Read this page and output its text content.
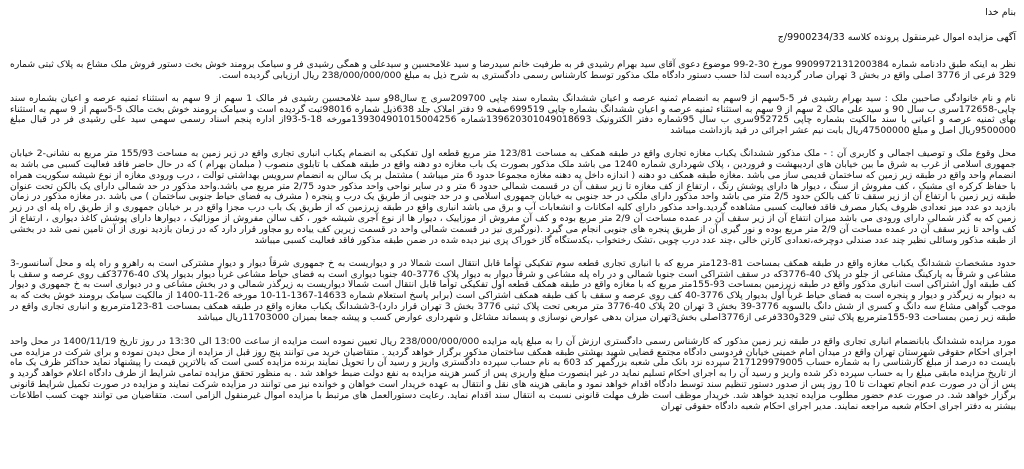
بنام خدا

آگهی مزایده اموال غیرمنقول پرونده کلاسه 9900234/33/ج

نظر به اینکه طبق دادنامه شماره 9909972131200384 مورخ 30-2-99 موضوع دعوی آقای سید بهرام رشیدی فر به طرفیت خانم سیدرضا و سید غلامحسین و سیدعلی و همگی رشیدی فر و سیامک برومند خوش بخت دستور فروش ملک مشاع به پلاک ثبتی شماره 329 فرعی از 3776 اصلی واقع در بخش 3 تهران صادر گردیده است لذا حسب دستور دادگاه ملک مذکور توسط کارشناس رسمی دادگستری به شرح ذیل به مبلغ 238/000/000/000 ریال ارزیابی گردیده است.

نام و نام خانوادگی صاحبین ملک : سید بهرام رشیدی فر 5-5سهم از 9سهم به انضمام ثمنیه عرصه و اعیان ششدانگ بشماره سند چاپی 209700سری ج سال98و سید غلامحسین رشیدی فر مالک 1 سهم از 9 سهم به استثناء ثمنیه عرصه و اعیان بشماره سند چاپی-172658سری ب سال 90 و سید علی مالک 2 سهم از 9 سهم به استثناء ثمنیه عرصه و اعیان ششدانگ بشماره چاپی 699519صفحه 9 دفتر املاک جلد 638ذیل شماره 98016ثبت گردیده است و سیامک برومند خوش بخت مالک 5-5سهم از 9 سهم به استثناء بهای ثمنیه عرصه و اعیانی با سند مالکیت بشماره چاپی 952725سری ب سال 95شماره دفتر الکترونیک 139620301049018693شماره 139304901015004256مورخه 18-5-93از اداره پنجم اسناد رسمی سهمی سید علی رشیدی فر در قبال مبلغ 9500000ریال اصل و مبلغ 47500000ریال بابت نیم عشر اجرائی در قید بازداشت میباشد

محل وقوع ملک و توصیف اجمالی و کاربری آن : - ملک مذکور ششدانگ یکباب مغازه تجاری واقع در طبقه همکف به مساحت 123/81 متر مربع قطعه اول تفکیکی به انضمام یکباب انباری تجاری واقع در زیر زمین به مساحت 155/93 متر مربع به نشانی-2 خیابان جمهوری اسلامی از غرب به شرق ما بین خیابان های اردیبهشت و فروردین ، پلاک شهرداری شماره 1240 می باشد ملک مذکور بصورت یک باب مغازه دو دهنه واقع در طبقه همکف با تابلوی منصوب ( مبلمان بهرام ) که در حال حاضر فاقد فعالیت کسبی می باشد به انضمام واحد واقع در طبقه زیر زمین که ساختمان قدیمی ساز می باشد .مغازه طبقه همکف دو دهنه ( اندازه داخل یه دهنه مغازه مجموعا حدود 6 متر میباشد ) مشتمل بر یک سالن به انضمام سرویس بهداشتی توالت ، درب ورودی مغازه از نوع شیشه سکوریت همراه با حفاظ کرکره ای مشبک ، کف مفروش از سنگ ، دیوار ها دارای پوشش رنگ ، ارتفاع از کف مغازه تا زیر سقف آن در قسمت شمالی حدود 6 متر و در سایر نواحی واحد مذکور حدود 2/75 متر مربع می باشد.واحد مذکور در حد شمالی دارای یک بالکن تحت عنوان طبقه زیر زمین با ارتفاع آن از زیر سقف تا کف بالکن حدود 2/5 متر می باشد واحد مذکور دارای ملکی در حد جنوبی به خیابان جمهوری اسلامی و در حد جنوبی از طریق یک درب و پنجره ( مشرف به فضای حیاط جنوبی ساختمان ) می باشد .در مغازه مذکور در زمان بازدید دو عدد میز تعدادی ظروف یکبار مصرف فاقد فعالیت کسبی مشاهده گردید.واحد مذکور دارای کلیه امکانات و انشعابات آب و برق می باشد انباری واقع در طبقه زیرزمین که از طریق یک باب درب مجزا واقع در بر خیابان جمهوری و از طریق راه پله ای در زیر زمین که به گذر شمالی دارای ورودی می باشد میزان انتفاع آن از زیر سقف آن در عمده مساحت آن 2/9 متر مربع بوده و کف آن مفروش از موزاییک ، دیوار ها از نوع آجری شیشه خور ، کف سالن مفروش از موزائیک ، دیوارها دارای پوشش کاغذ دیواری ، ارتفاع از کف واحد تا زیر سقف آن در عمده مساحت آن 2/9 متر مربع بوده و نور گیری آن از طریق پنجره های جنوبی انجام می گیرد .(نورگیری نیز در قسمت شمالی واحد در قسمت زیرین کف ییاده رو مجاور قرار دارد که در زمان بازدید نوری از آن تامین نمی شد در بخشی از طبقه مذکور وسائلی نظیر چند عدد صندلی دوچرخه،تعدادی کارتن خالی ،چند عدد درب چوبی ،تشک رختخواب ،یکدستگاه گاز خوراک پزی نیز دیده شده در ضمن طبقه مذکور فاقد فعالیت کسبی میباشد

حدود مشخصات ششدانگ یکباب مغازه واقع در طبقه همکف بمساحت 81-123متر مربع که با انباری تجاری قطعه سوم تفکیکی توأما قابل انتقال است شمالا در و دیواریست به خ جمهوری شرقاً دیوار و دیوار مشترکی است به راهرو و راه پله و محل آسانسور-3 مشاعی و شرقاً به پارکینگ مشاعی از جلو در پلاک 40-3776که در سقف اشتراکی است جنوبا شمالی و در راه پله مشاعی و شرقاً دیوار به دیوار پلاک 3776-40 جنوبا دیواری است به فضای حیاط مشاعی غرباً دیوار بدیوار پلاک 40-3776کف روی عرصه و سقف با کف طبقه اول اشتراکی است انباری مذکور واقع در طبقه زیرزمین بمساحت 93-155متر مربع که با مغازه واقع در طبقه همکف قطعه اول تفکیکی توأما قابل انتقال است شمالا دیواریست به زیرگذر شمالی و در بخش مشاعی و در دیواری است به خ جمهوری و دیوار به دیوار به زیرگذر و دیوار و پنجره است به فضای حیاط غرباً اول بدیوار پلاک 3776-40 کف روی عرصه و سقف با کف طبقه همکف اشتراکی است (برابر پاسخ استعلام شماره 14633-1367-11-10 مورخه 26-11-1400 از مالکیت سیامک برومند خوش بخت که به موجب گواهی مشاع سه دانگ و کسری از شش دانگ بالسویه 3776-39 بخش 3 تهران 20 پلاک 40-3776 متر مربعی تحت پلاک ثبتی 3776 بخش 3 تهران قرار دارد)-3ششدانگ یکباب مغازه واقع در طبقه همکف بمساحت 81-123مترمربع و انباری تجاری واقع در طبقه زیر زمین بمساحت 93-155مترمربع پلاک ثبتی 329و330فرعی از3776اصلی بخش3تهران میزان بدهی عوارض نوسازی و پسماند مشاغل و شهرداری عوارض کسب و پیشه جمعا بمیزان 11703000ریال میباشد

مورد مزایده ششدانگ بابانضمام انباری تجاری واقع در طبقه زیر زمین مذکور که کارشناس رسمی دادگستری ارزش آن را به مبلغ پایه مزایده 238/000/000/000 ریال تعیین نموده است مزایده از ساعت 13:00 الی 13:30 در روز تاریخ 1400/11/19 در محل واحد اجرای احکام حقوقی شهرستان تهران واقع در میدان امام خمینی خیابان فردوسی دادگاه مجتمع قضایی شهید بهشتی طبقه همکف ساختمان مذکور برگزار خواهد گردید . متقاضیان خرید می توانند پنج روز قبل از مزایده از محل دیدن نموده و برای شرکت در مزایده می بایست ده درصد از مبلغ کارشناسی را به شماره حساب 217129979005 سپرده نزد بانک ملی شعبه بزرگمهر کد 603 به نام حساب سپرده دادگستری واریز و رسید آن را تحویل نمایند برنده مزایده کسی است که بالاترین قیمت را پیشنهاد نماید حداکثر ظرف یک ماه از تاریخ مزایده مابقی مبلغ را به حساب سپرده ذکر شده واریز و رسید آن را به اجرای احکام تسلیم نماید در غیر اینصورت مبلغ واریزی پس از کسر هزینه مزایده به نفع دولت ضبط خواهد شد . به منظور تحقق مزایده تمامی شرایط از طرف دادگاه اعلام خواهد گردید و پس از آن در صورت عدم انجام تعهدات تا 10 روز پس از صدور دستور تنظیم سند توسط دادگاه اقدام خواهد نمود و مابقی هزینه های نقل و انتقال به عهده خریدار است خواهان و خوانده نیز می توانند در مزایده شرکت نمایند و مزایده در صورت تکمیل شرایط قانونی برگزار خواهد شد. در صورت عدم حضور مطلوب مزایده تجدید خواهد شد. خریدار موظف است ظرف مهلت قانونی نسبت به انتقال سند اقدام نماید. رعایت دستورالعمل های مرتبط با مزایده اموال غیرمنقول الزامی است. متقاضیان می توانند جهت کسب اطلاعات بیشتر به دفتر اجرای احکام شعبه مراجعه نمایند. مدیر اجرای احکام شعبه دادگاه حقوقی تهران
